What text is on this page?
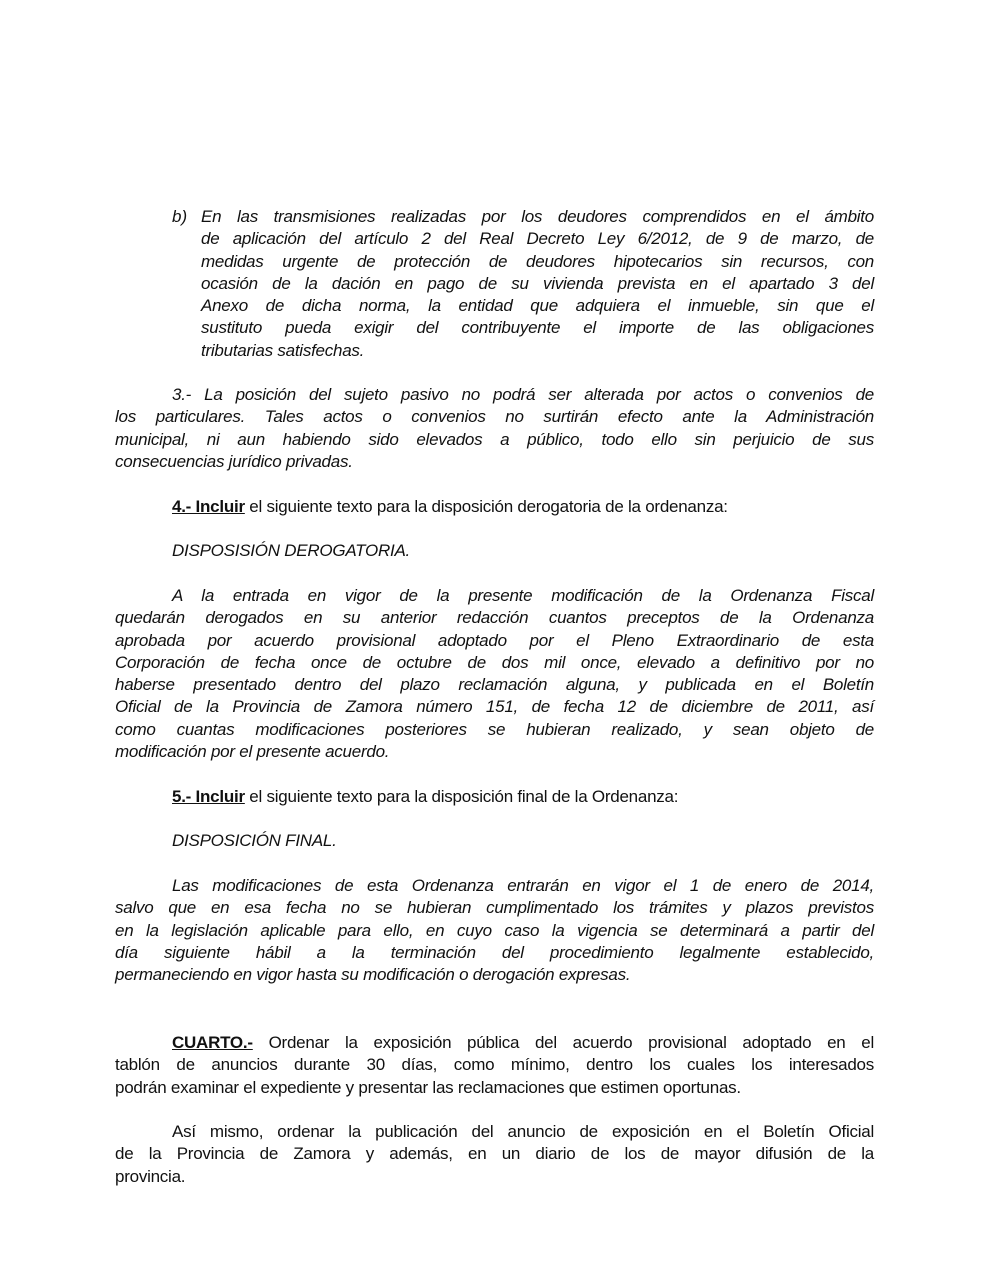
b) En las transmisiones realizadas por los deudores comprendidos en el ámbito
de aplicación del artículo 2 del Real Decreto Ley 6/2012, de 9 de marzo, de
medidas urgente de protección de deudores hipotecarios sin recursos, con
ocasión de la dación en pago de su vivienda prevista en el apartado 3 del
Anexo de dicha norma, la entidad que adquiera el inmueble, sin que el
sustituto pueda exigir del contribuyente el importe de las obligaciones
tributarias satisfechas.
3.- La posición del sujeto pasivo no podrá ser alterada por actos o convenios de
los particulares. Tales actos o convenios no surtirán efecto ante la Administración
municipal, ni aun habiendo sido elevados a público, todo ello sin perjuicio de sus
consecuencias jurídico privadas.
4.- Incluir el siguiente texto para la disposición derogatoria de la ordenanza:
DISPOSISIÓN DEROGATORIA.
A la entrada en vigor de la presente modificación de la Ordenanza Fiscal
quedarán derogados en su anterior redacción cuantos preceptos de la Ordenanza
aprobada por acuerdo provisional adoptado por el Pleno Extraordinario de esta
Corporación de fecha once de octubre de dos mil once, elevado a definitivo por no
haberse presentado dentro del plazo reclamación alguna, y publicada en el Boletín
Oficial de la Provincia de Zamora número 151, de fecha 12 de diciembre de 2011, así
como cuantas modificaciones posteriores se hubieran realizado, y sean objeto de
modificación por el presente acuerdo.
5.- Incluir el siguiente texto para la disposición final de la Ordenanza:
DISPOSICIÓN FINAL.
Las modificaciones de esta Ordenanza entrarán en vigor el 1 de enero de 2014,
salvo que en esa fecha no se hubieran cumplimentado los trámites y plazos previstos
en la legislación aplicable para ello, en cuyo caso la vigencia se determinará a partir del
día siguiente hábil a la terminación del procedimiento legalmente establecido,
permaneciendo en vigor hasta su modificación o derogación expresas.
CUARTO.- Ordenar la exposición pública del acuerdo provisional adoptado en el
tablón de anuncios durante 30 días, como mínimo, dentro los cuales los interesados
podrán examinar el expediente y presentar las reclamaciones que estimen oportunas.
Así mismo, ordenar la publicación del anuncio de exposición en el Boletín Oficial
de la Provincia de Zamora y además, en un diario de los de mayor difusión de la
provincia.
